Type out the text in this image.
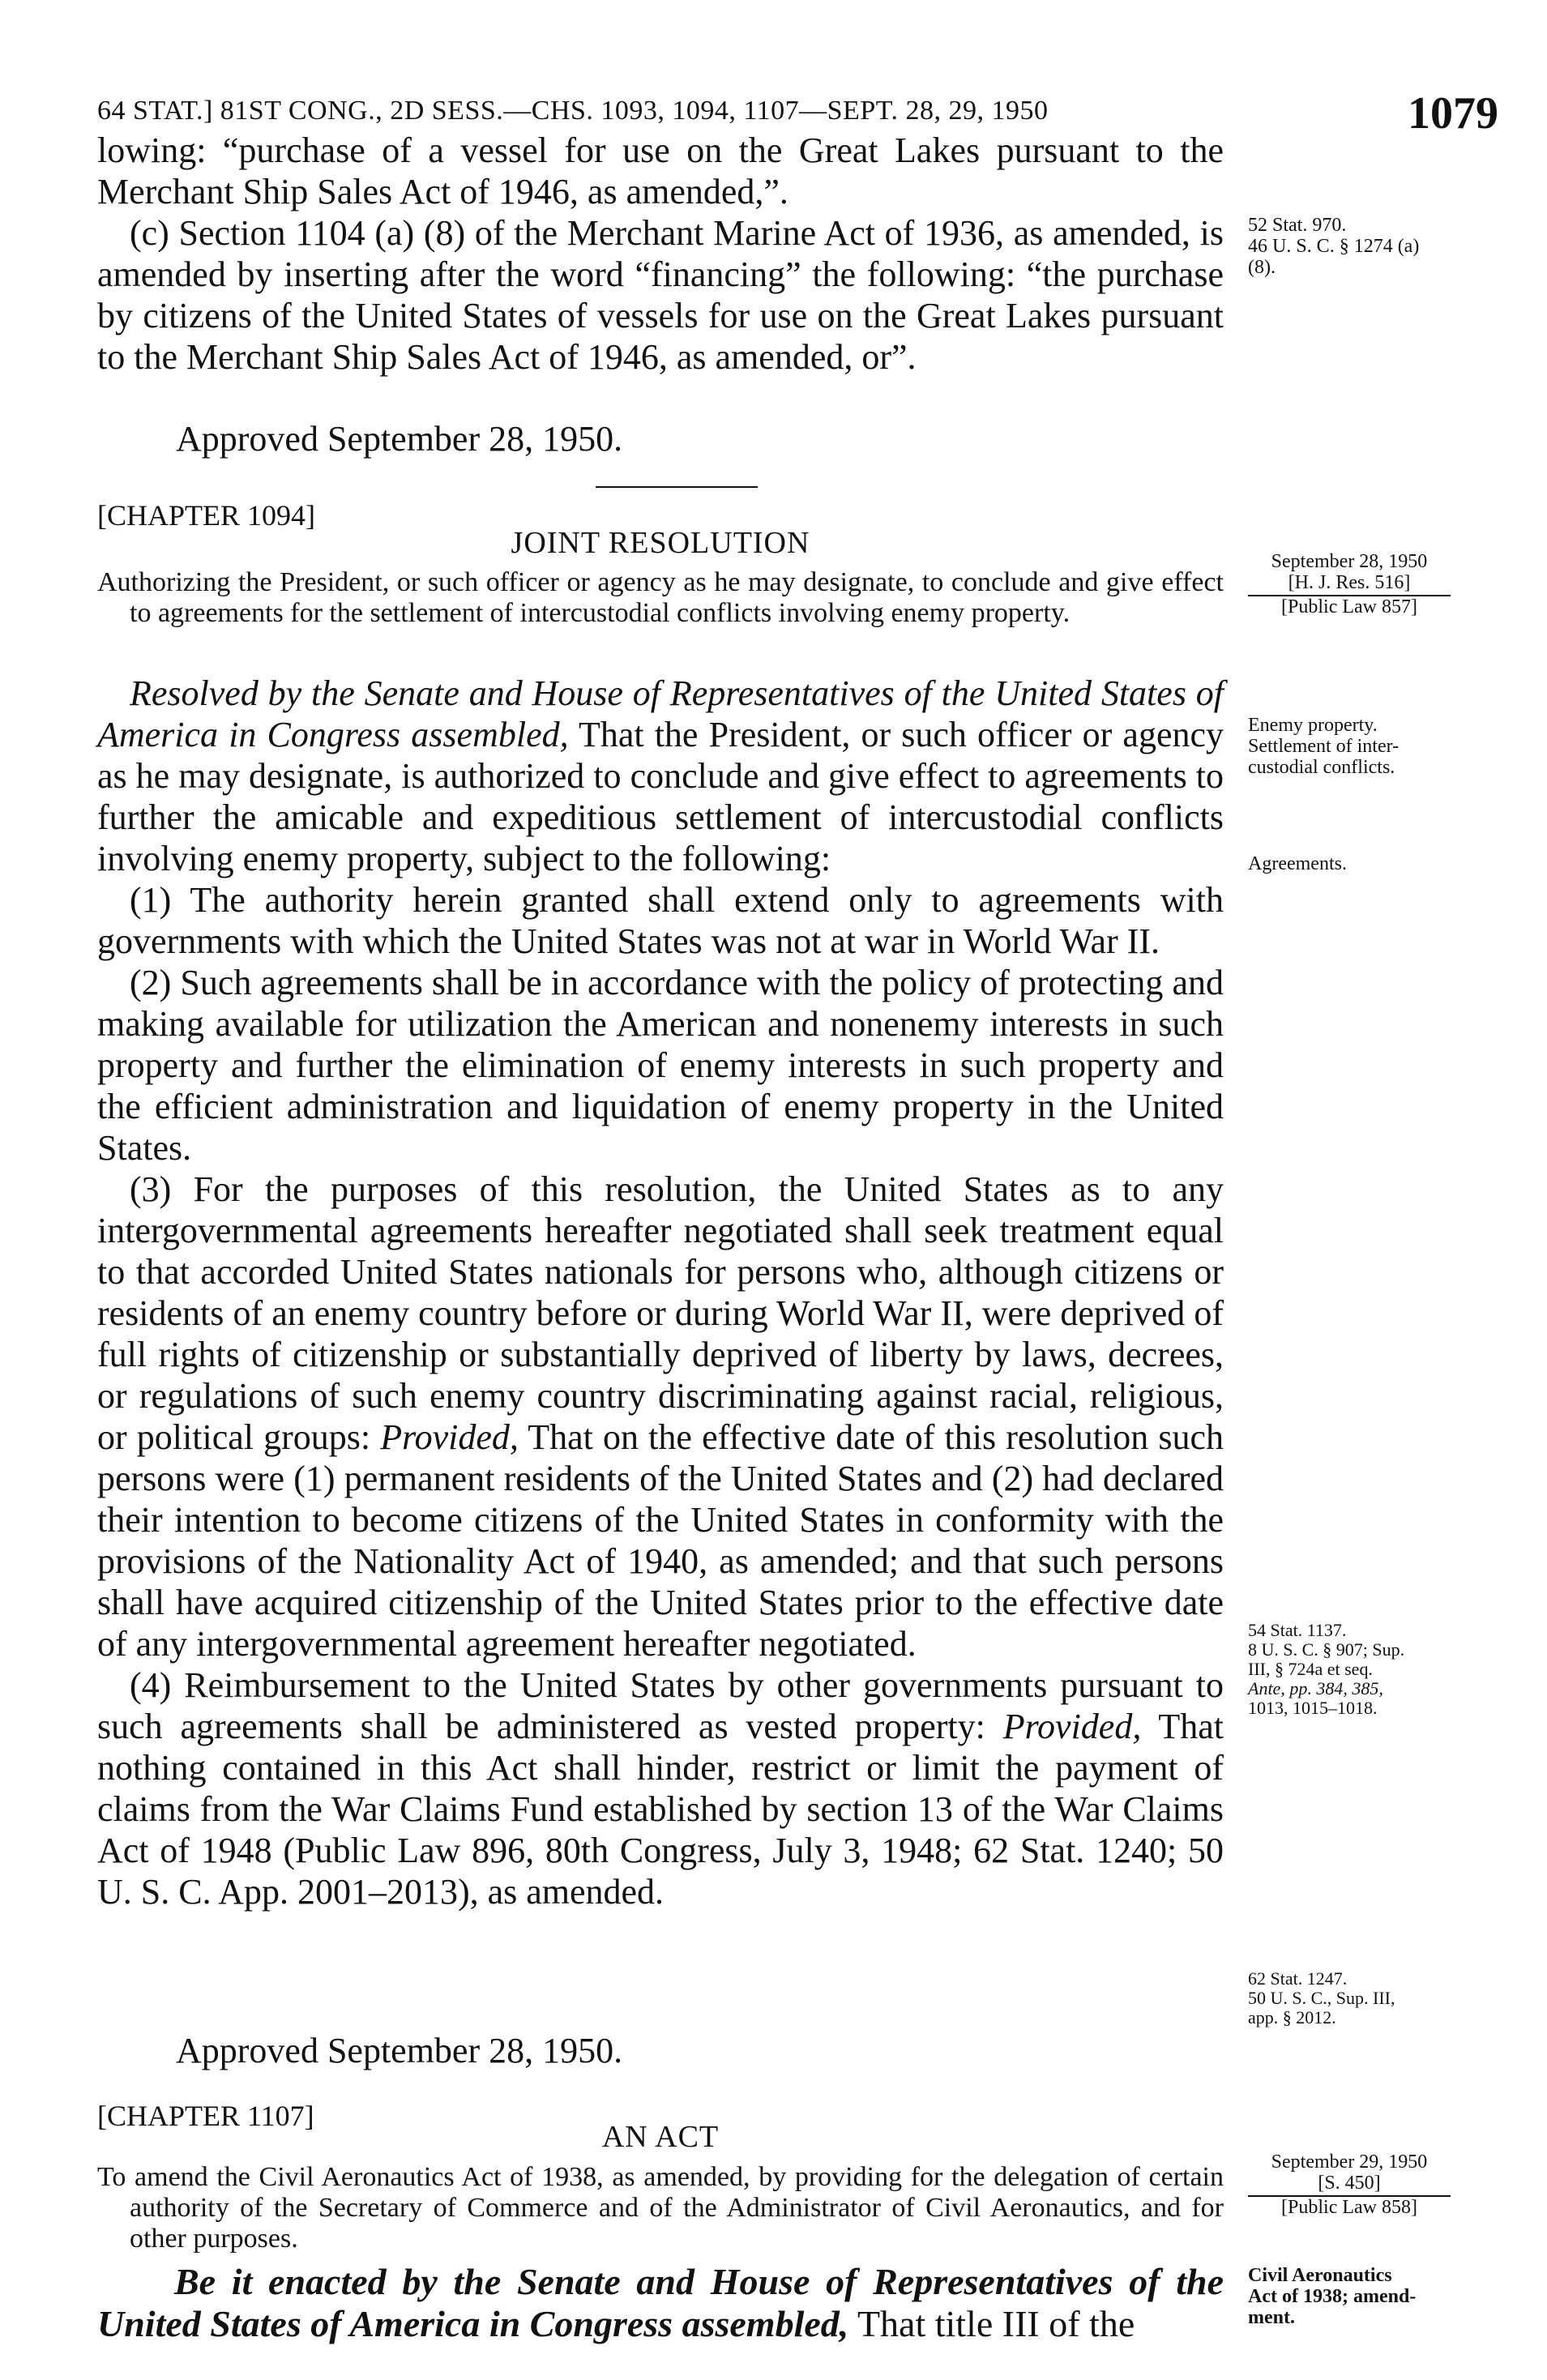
64 STAT.] 81ST CONG., 2D SESS.—CHS. 1093, 1094, 1107—SEPT. 28, 29, 1950	1079

lowing: “purchase of a vessel for use on the Great Lakes pursuant to the Merchant Ship Sales Act of 1946, as amended,”.

(c) Section 1104 (a) (8) of the Merchant Marine Act of 1936, as amended, is amended by inserting after the word “financing” the following: “the purchase by citizens of the United States of vessels for use on the Great Lakes pursuant to the Merchant Ship Sales Act of 1946, as amended, or”.

Approved September 28, 1950.
52 Stat. 970.
46 U. S. C. § 1274 (a)
(8).
[CHAPTER 1094]
JOINT RESOLUTION
Authorizing the President, or such officer or agency as he may designate, to conclude and give effect to agreements for the settlement of intercustodial conflicts involving enemy property.
September 28, 1950
[H. J. Res. 516]
[Public Law 857]

Resolved by the Senate and House of Representatives of the United States of America in Congress assembled, That the President, or such officer or agency as he may designate, is authorized to conclude and give effect to agreements to further the amicable and expeditious settlement of intercustodial conflicts involving enemy property, subject to the following:

(1) The authority herein granted shall extend only to agreements with governments with which the United States was not at war in World War II.

(2) Such agreements shall be in accordance with the policy of protecting and making available for utilization the American and nonenemy interests in such property and further the elimination of enemy interests in such property and the efficient administration and liquidation of enemy property in the United States.

(3) For the purposes of this resolution, the United States as to any intergovernmental agreements hereafter negotiated shall seek treatment equal to that accorded United States nationals for persons who, although citizens or residents of an enemy country before or during World War II, were deprived of full rights of citizenship or substantially deprived of liberty by laws, decrees, or regulations of such enemy country discriminating against racial, religious, or political groups: Provided, That on the effective date of this resolution such persons were (1) permanent residents of the United States and (2) had declared their intention to become citizens of the United States in conformity with the provisions of the Nationality Act of 1940, as amended; and that such persons shall have acquired citizenship of the United States prior to the effective date of any intergovernmental agreement hereafter negotiated.

(4) Reimbursement to the United States by other governments pursuant to such agreements shall be administered as vested property: Provided, That nothing contained in this Act shall hinder, restrict or limit the payment of claims from the War Claims Fund established by section 13 of the War Claims Act of 1948 (Public Law 896, 80th Congress, July 3, 1948; 62 Stat. 1240; 50 U. S. C. App. 2001–2013), as amended.

Enemy property.
Settlement of inter-
custodial conflicts.
Agreements.
54 Stat. 1137.
8 U. S. C. § 907; Sup.
III, § 724a et seq.
Ante, pp. 384, 385,
1013, 1015–1018.
62 Stat. 1247.
50 U. S. C., Sup. III,
app. § 2012.
Approved September 28, 1950.
[CHAPTER 1107]
AN ACT
To amend the Civil Aeronautics Act of 1938, as amended, by providing for the delegation of certain authority of the Secretary of Commerce and of the Administrator of Civil Aeronautics, and for other purposes.
September 29, 1950
[S. 450]
[Public Law 858]
Be it enacted by the Senate and House of Representatives of the United States of America in Congress assembled, That title III of the
Civil Aeronautics
Act of 1938; amend-
ment.
